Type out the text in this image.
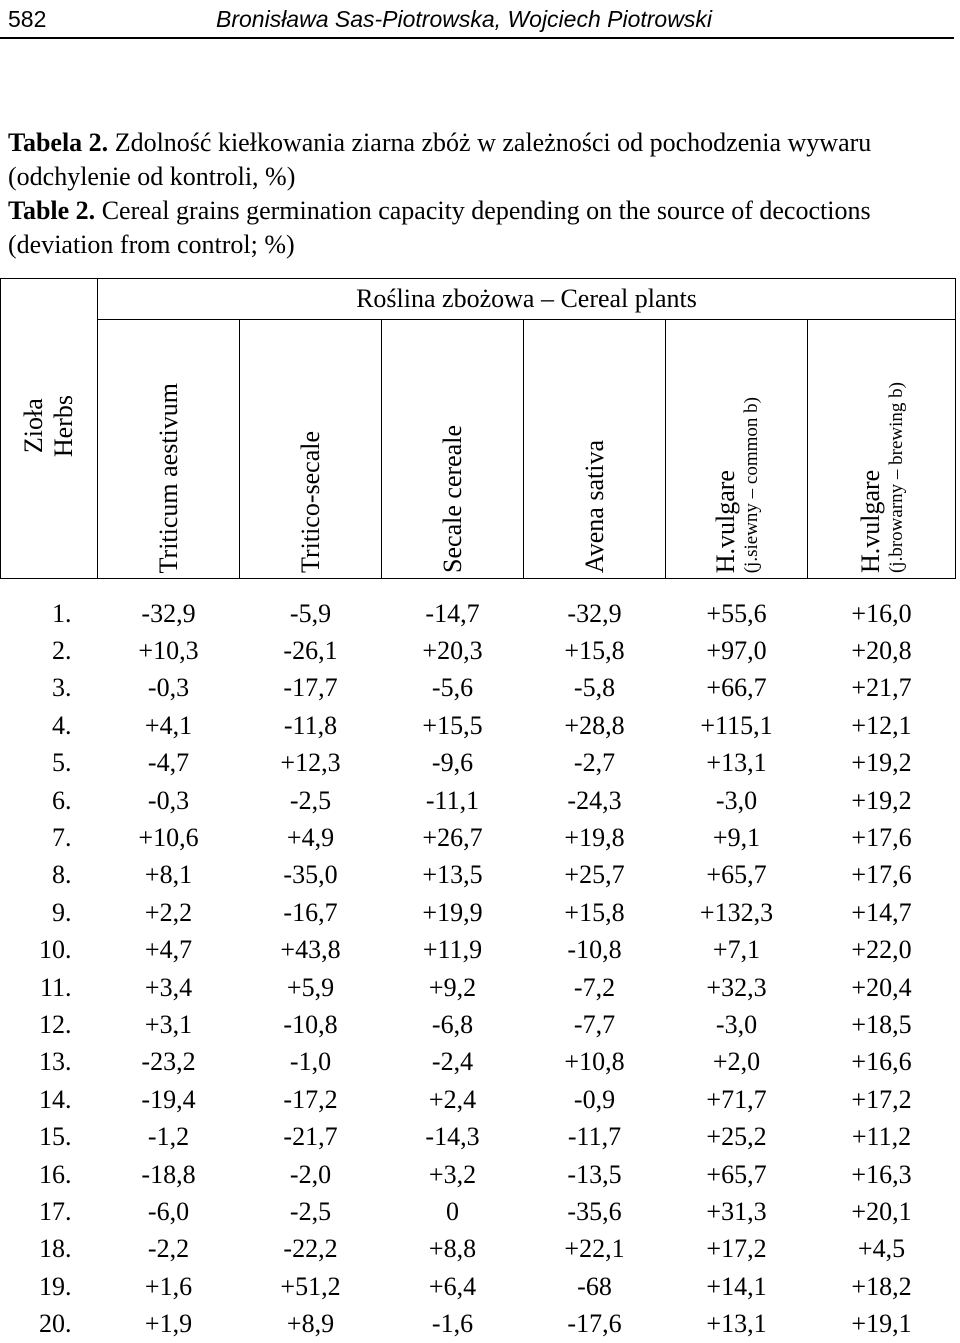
582	Bronisława Sas-Piotrowska, Wojciech Piotrowski

Tabela 2. Zdolność kiełkowania ziarna zbóż w zależności od pochodzenia wywaru (odchylenie od kontroli, %)

Table 2. Cereal grains germination capacity depending on the source of decoctions (deviation from control; %)

Zioła
Herbs	Roślina zbożowa – Cereal plants					
	Triticum aestivum	Tritico-secale	Secale cereale	Avena sativa	H.vulgare (j.siewny – common b)	H.vulgare (j.browarny – brewing b)

1.	-32,9	-5,9	-14,7	-32,9	+55,6	+16,0
2.	+10,3	-26,1	+20,3	+15,8	+97,0	+20,8
3.	-0,3	-17,7	-5,6	-5,8	+66,7	+21,7
4.	+4,1	-11,8	+15,5	+28,8	+115,1	+12,1
5.	-4,7	+12,3	-9,6	-2,7	+13,1	+19,2
6.	-0,3	-2,5	-11,1	-24,3	-3,0	+19,2
7.	+10,6	+4,9	+26,7	+19,8	+9,1	+17,6
8.	+8,1	-35,0	+13,5	+25,7	+65,7	+17,6
9.	+2,2	-16,7	+19,9	+15,8	+132,3	+14,7
10.	+4,7	+43,8	+11,9	-10,8	+7,1	+22,0
11.	+3,4	+5,9	+9,2	-7,2	+32,3	+20,4
12.	+3,1	-10,8	-6,8	-7,7	-3,0	+18,5
13.	-23,2	-1,0	-2,4	+10,8	+2,0	+16,6
14.	-19,4	-17,2	+2,4	-0,9	+71,7	+17,2
15.	-1,2	-21,7	-14,3	-11,7	+25,2	+11,2
16.	-18,8	-2,0	+3,2	-13,5	+65,7	+16,3
17.	-6,0	-2,5	0	-35,6	+31,3	+20,1
18.	-2,2	-22,2	+8,8	+22,1	+17,2	+4,5
19.	+1,6	+51,2	+6,4	-68	+14,1	+18,2
20.	+1,9	+8,9	-1,6	-17,6	+13,1	+19,1
